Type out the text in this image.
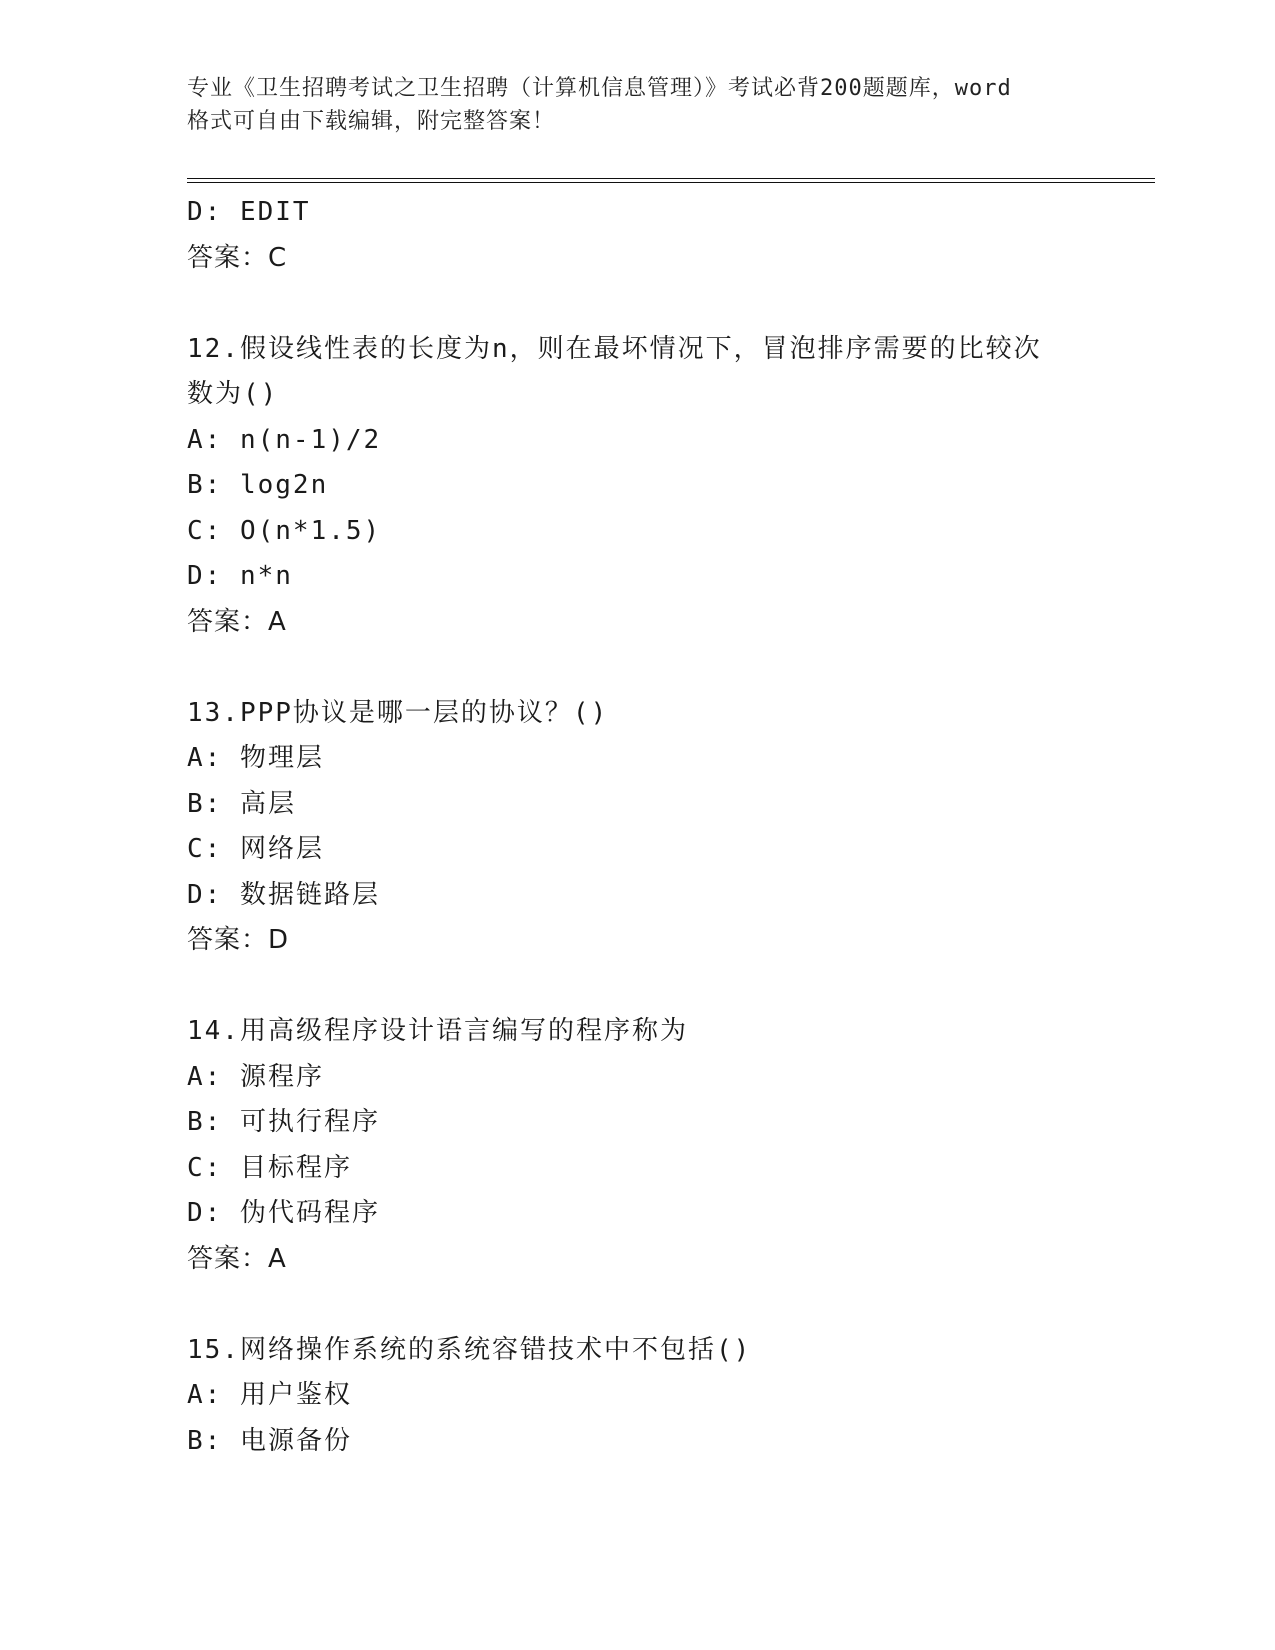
专业《卫生招聘考试之卫生招聘（计算机信息管理）》考试必背200题题库，word
格式可自由下载编辑，附完整答案！
D: EDIT
答案：C
12.假设线性表的长度为n，则在最坏情况下，冒泡排序需要的比较次
数为()
A: n(n-1)/2
B: log2n
C: O(n*1.5)
D: n*n
答案：A
13.PPP协议是哪一层的协议？()
A: 物理层
B: 高层
C: 网络层
D: 数据链路层
答案：D
14.用高级程序设计语言编写的程序称为
A: 源程序
B: 可执行程序
C: 目标程序
D: 伪代码程序
答案：A
15.网络操作系统的系统容错技术中不包括()
A: 用户鉴权
B: 电源备份
